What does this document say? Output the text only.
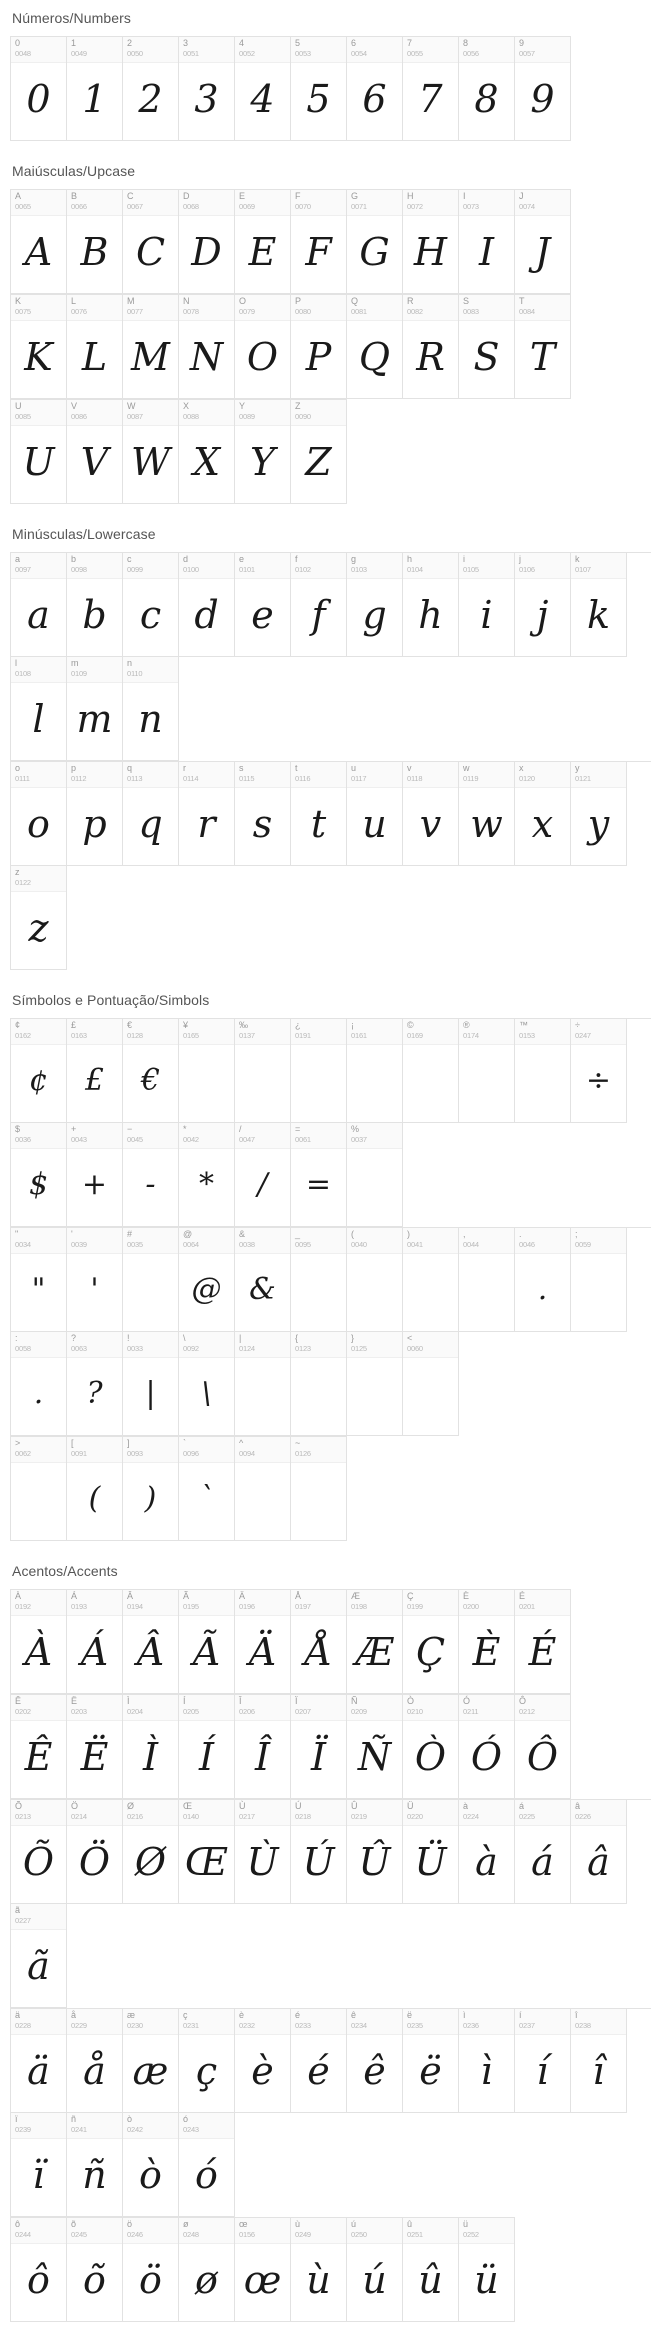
Números/Numbers
0
0048
0
1
0049
1
2
0050
2
3
0051
3
4
0052
4
5
0053
5
6
0054
6
7
0055
7
8
0056
8
9
0057
9
Maiúsculas/Upcase
A
0065
A
B
0066
B
C
0067
C
D
0068
D
E
0069
E
F
0070
F
G
0071
G
H
0072
H
I
0073
I
J
0074
J
K
0075
K
L
0076
L
M
0077
M
N
0078
N
O
0079
O
P
0080
P
Q
0081
Q
R
0082
R
S
0083
S
T
0084
T
U
0085
U
V
0086
V
W
0087
W
X
0088
X
Y
0089
Y
Z
0090
Z
Minúsculas/Lowercase
a
0097
a
b
0098
b
c
0099
c
d
0100
d
e
0101
e
f
0102
f
g
0103
g
h
0104
h
i
0105
i
j
0106
j
k
0107
k
l
0108
l
m
0109
m
n
0110
n
o
0111
o
p
0112
p
q
0113
q
r
0114
r
s
0115
s
t
0116
t
u
0117
u
v
0118
v
w
0119
w
x
0120
x
y
0121
y
z
0122
z
Símbolos e Pontuação/Simbols
¢
0162
¢
£
0163
£
€
0128
€
¥
0165
‰
0137
¿
0191
¡
0161
©
0169
®
0174
™
0153
÷
0247
÷
$
0036
$
+
0043
+
−
0045
-
*
0042
*
/
0047
/
=
0061
=
%
0037
"
0034
"
'
0039
'
#
0035
@
0064
@
&
0038
&
_
0095
(
0040
)
0041
,
0044
.
0046
.
;
0059
:
0058
.
?
0063
?
!
0033
|
\
0092
\
|
0124
{
0123
}
0125
<
0060
>
0062
[
0091
(
]
0093
)
`
0096
`
^
0094
~
0126
Acentos/Accents
À
0192
À
Á
0193
Á
Â
0194
Â
Ã
0195
Ã
Ä
0196
Ä
Å
0197
Å
Æ
0198
Æ
Ç
0199
Ç
È
0200
È
É
0201
É
Ê
0202
Ê
Ë
0203
Ë
Ì
0204
Ì
Í
0205
Í
Î
0206
Î
Ï
0207
Ï
Ñ
0209
Ñ
Ò
0210
Ò
Ó
0211
Ó
Ô
0212
Ô
Õ
0213
Õ
Ö
0214
Ö
Ø
0216
Ø
Œ
0140
Œ
Ù
0217
Ù
Ú
0218
Ú
Û
0219
Û
Ü
0220
Ü
à
0224
à
á
0225
á
â
0226
â
ã
0227
ã
ä
0228
ä
å
0229
å
æ
0230
æ
ç
0231
ç
è
0232
è
é
0233
é
ê
0234
ê
ë
0235
ë
ì
0236
ì
í
0237
í
î
0238
î
ï
0239
ï
ñ
0241
ñ
ò
0242
ò
ó
0243
ó
ô
0244
ô
õ
0245
õ
ö
0246
ö
ø
0248
ø
œ
0156
œ
ù
0249
ù
ú
0250
ú
û
0251
û
ü
0252
ü
